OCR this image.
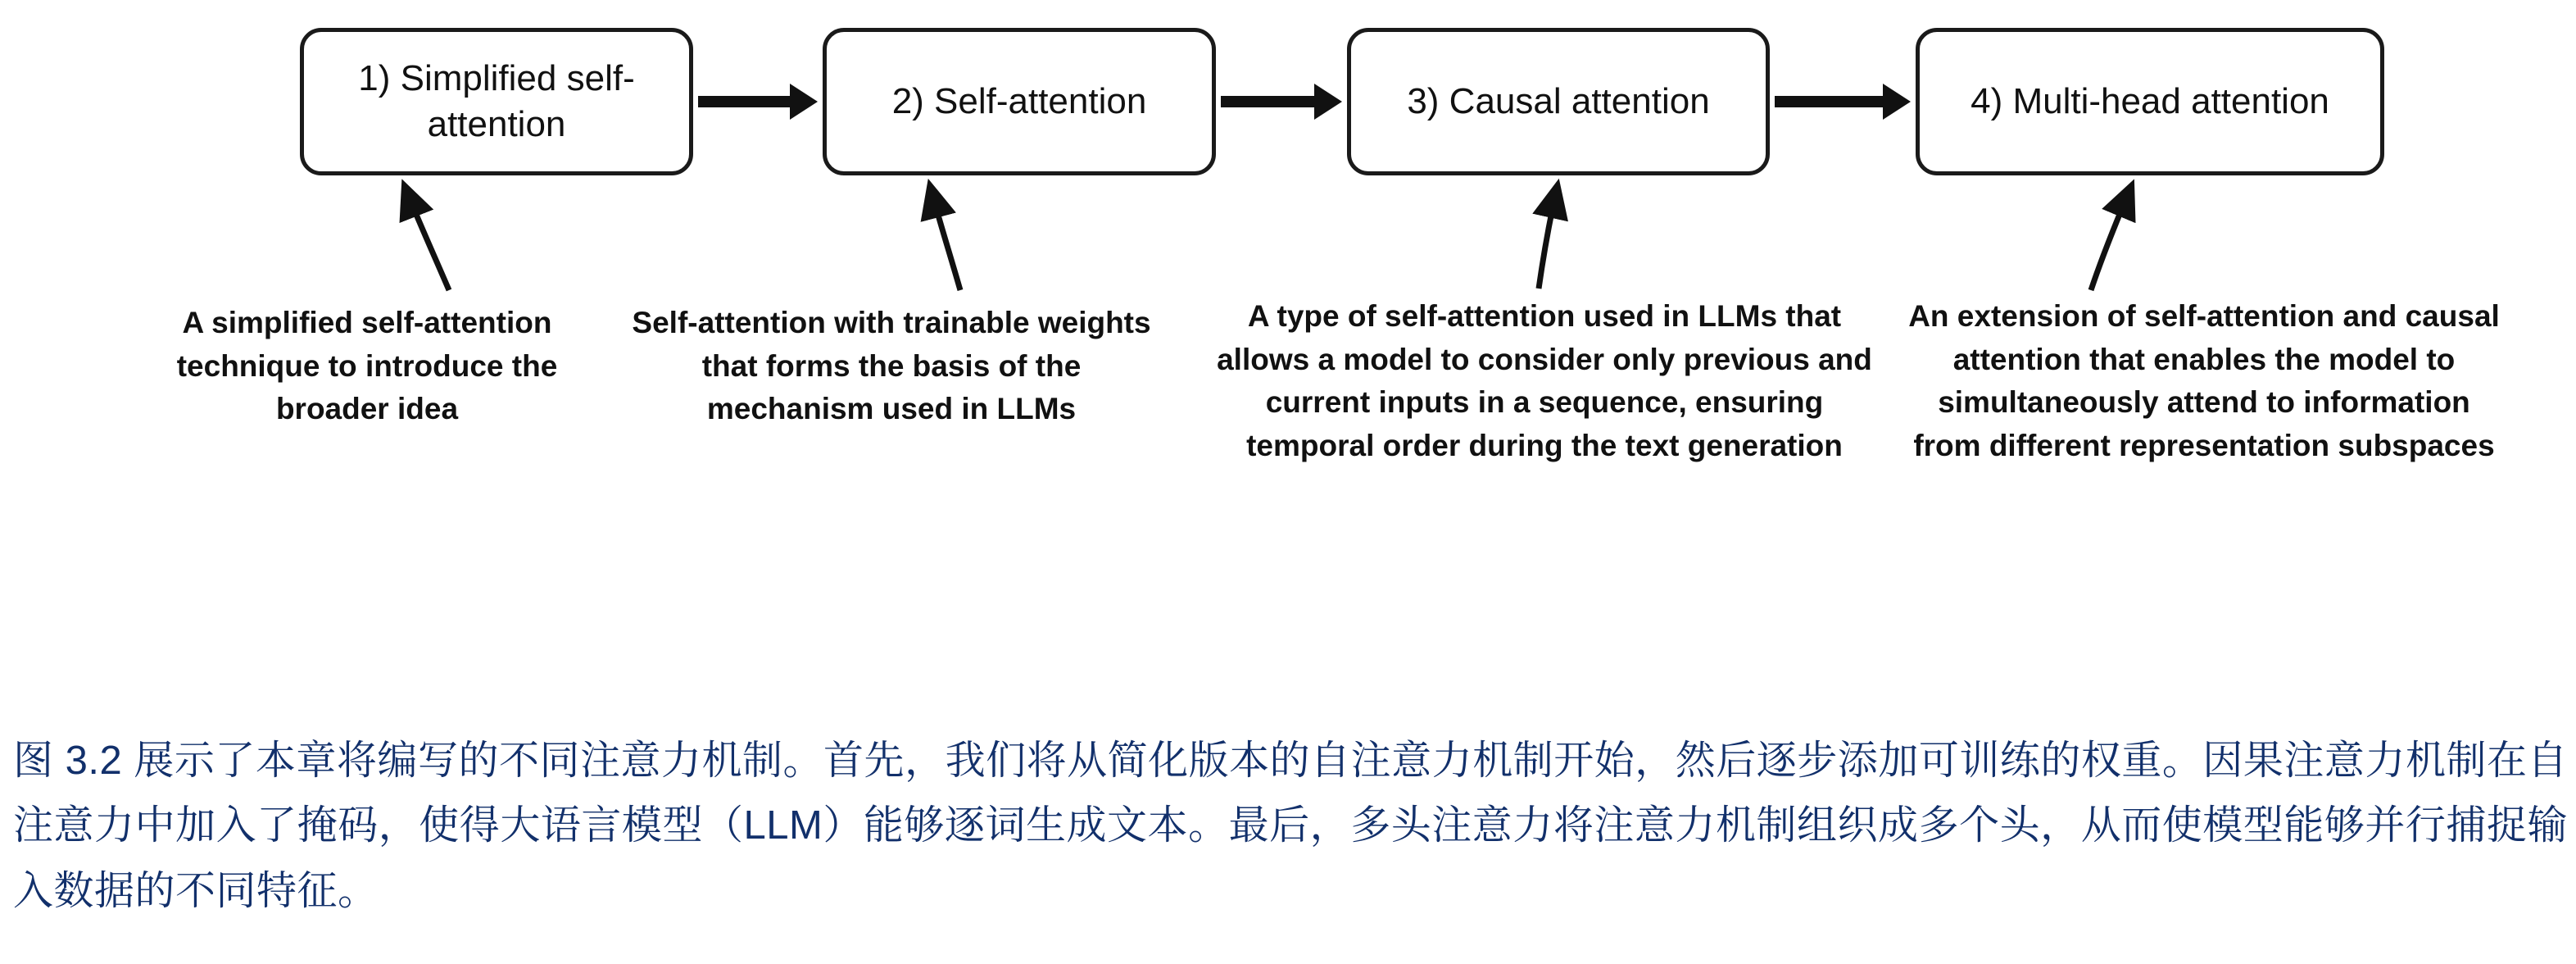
1) Simplified self-attention
2) Self-attention	3) Causal attention	4) Multi-head attention
A simplified self-attention technique to introduce the broader idea
Self-attention with trainable weights that forms the basis of the mechanism used in LLMs
A type of self-attention used in LLMs that allows a model to consider only previous and current inputs in a sequence, ensuring temporal order during the text generation
An extension of self-attention and causal attention that enables the model to simultaneously attend to information from different representation subspaces

图 3.2 展示了本章将编写的不同注意力机制。首先，我们将从简化版本的自注意力机制开始，然后逐步添加可训练的权重。因果注意力机制在自注意力中加入了掩码，使得大语言模型（LLM）能够逐词生成文本。最后，多头注意力将注意力机制组织成多个头，从而使模型能够并行捕捉输入数据的不同特征。
